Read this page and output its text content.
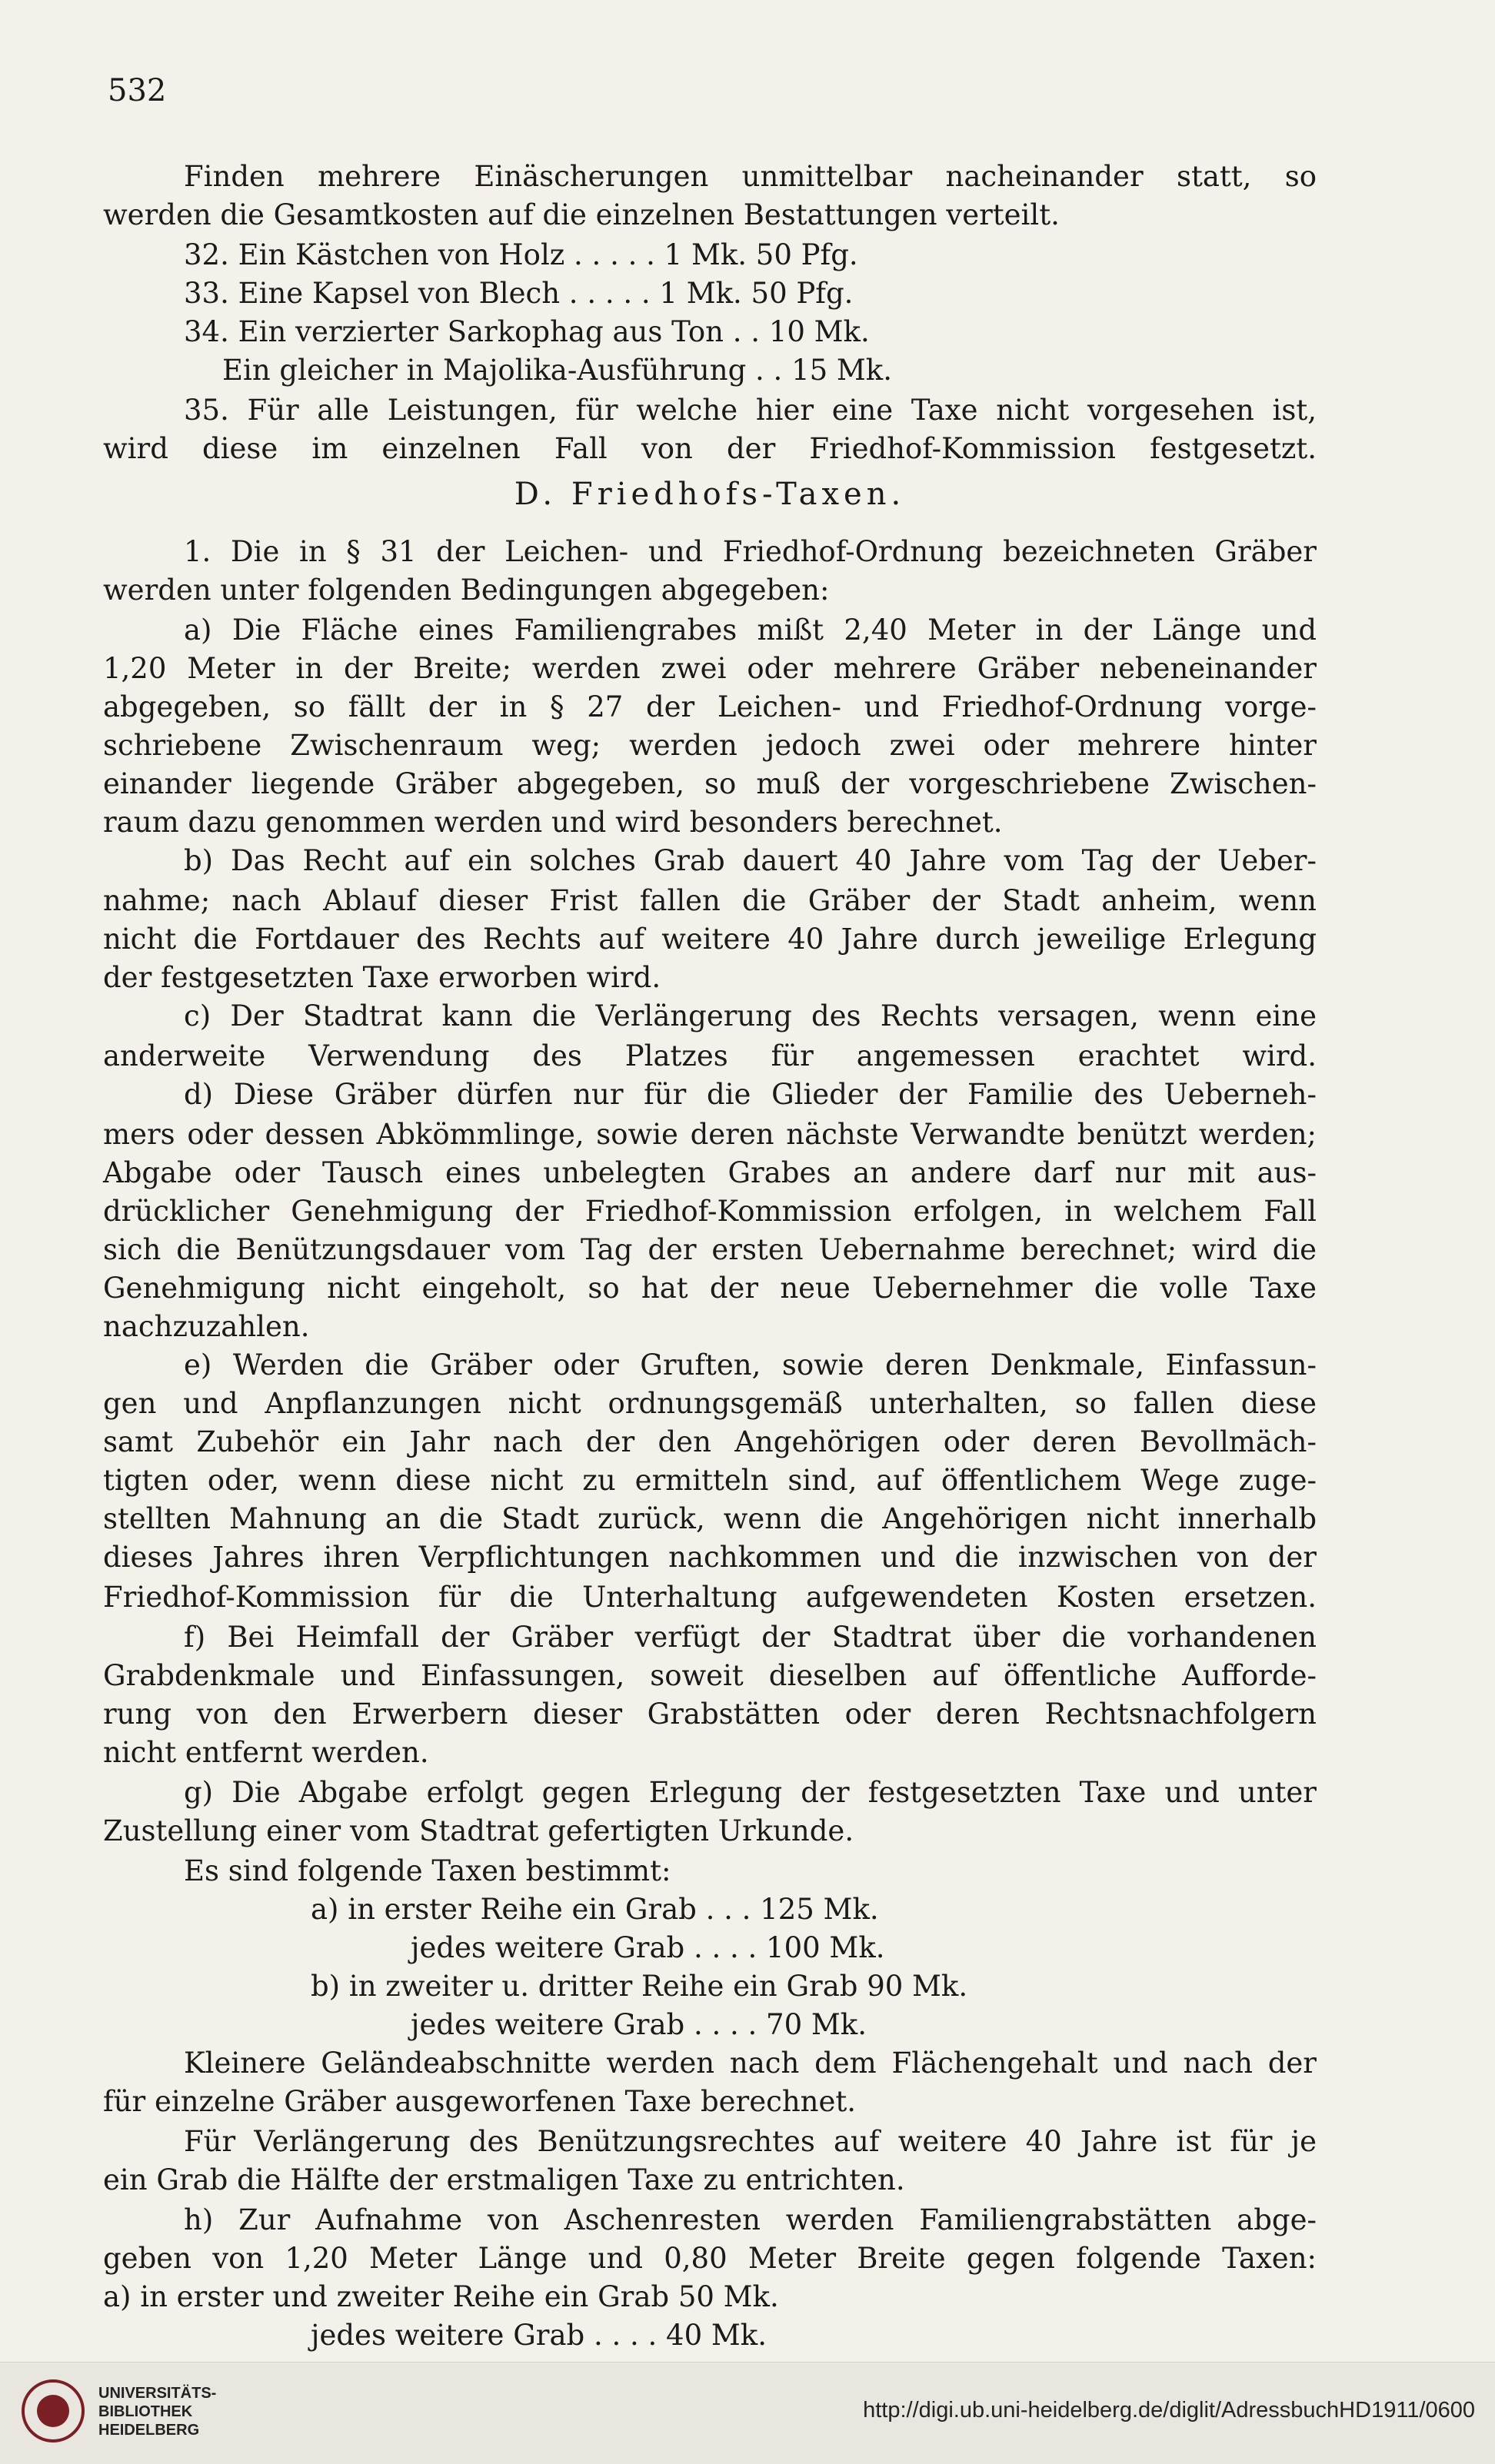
532
Finden mehrere Einäscherungen unmittelbar nacheinander statt, so
werden die Gesamtkosten auf die einzelnen Bestattungen verteilt.
32. Ein Kästchen von Holz . . . . . 1 Mk. 50 Pfg.
33. Eine Kapsel von Blech . . . . . 1 Mk. 50 Pfg.
34. Ein verzierter Sarkophag aus Ton . . 10 Mk.
Ein gleicher in Majolika-Ausführung . . 15 Mk.
35. Für alle Leistungen, für welche hier eine Taxe nicht vorgesehen ist,
wird diese im einzelnen Fall von der Friedhof-Kommission festgesetzt.
D. Friedhofs-Taxen.
1. Die in § 31 der Leichen- und Friedhof-Ordnung bezeichneten Gräber
werden unter folgenden Bedingungen abgegeben:
a) Die Fläche eines Familiengrabes mißt 2,40 Meter in der Länge und
1,20 Meter in der Breite; werden zwei oder mehrere Gräber nebeneinander
abgegeben, so fällt der in § 27 der Leichen- und Friedhof-Ordnung vorge-
schriebene Zwischenraum weg; werden jedoch zwei oder mehrere hinter
einander liegende Gräber abgegeben, so muß der vorgeschriebene Zwischen-
raum dazu genommen werden und wird besonders berechnet.
b) Das Recht auf ein solches Grab dauert 40 Jahre vom Tag der Ueber-
nahme; nach Ablauf dieser Frist fallen die Gräber der Stadt anheim, wenn
nicht die Fortdauer des Rechts auf weitere 40 Jahre durch jeweilige Erlegung
der festgesetzten Taxe erworben wird.
c) Der Stadtrat kann die Verlängerung des Rechts versagen, wenn eine
anderweite Verwendung des Platzes für angemessen erachtet wird.
d) Diese Gräber dürfen nur für die Glieder der Familie des Ueberneh-
mers oder dessen Abkömmlinge, sowie deren nächste Verwandte benützt werden;
Abgabe oder Tausch eines unbelegten Grabes an andere darf nur mit aus-
drücklicher Genehmigung der Friedhof-Kommission erfolgen, in welchem Fall
sich die Benützungsdauer vom Tag der ersten Uebernahme berechnet; wird die
Genehmigung nicht eingeholt, so hat der neue Uebernehmer die volle Taxe
nachzuzahlen.
e) Werden die Gräber oder Gruften, sowie deren Denkmale, Einfassun-
gen und Anpflanzungen nicht ordnungsgemäß unterhalten, so fallen diese
samt Zubehör ein Jahr nach der den Angehörigen oder deren Bevollmäch-
tigten oder, wenn diese nicht zu ermitteln sind, auf öffentlichem Wege zuge-
stellten Mahnung an die Stadt zurück, wenn die Angehörigen nicht innerhalb
dieses Jahres ihren Verpflichtungen nachkommen und die inzwischen von der
Friedhof-Kommission für die Unterhaltung aufgewendeten Kosten ersetzen.
f) Bei Heimfall der Gräber verfügt der Stadtrat über die vorhandenen
Grabdenkmale und Einfassungen, soweit dieselben auf öffentliche Aufforde-
rung von den Erwerbern dieser Grabstätten oder deren Rechtsnachfolgern
nicht entfernt werden.
g) Die Abgabe erfolgt gegen Erlegung der festgesetzten Taxe und unter
Zustellung einer vom Stadtrat gefertigten Urkunde.
Es sind folgende Taxen bestimmt:
a) in erster Reihe ein Grab . . . 125 Mk.
jedes weitere Grab . . . . 100 Mk.
b) in zweiter u. dritter Reihe ein Grab 90 Mk.
jedes weitere Grab . . . . 70 Mk.
Kleinere Geländeabschnitte werden nach dem Flächengehalt und nach der
für einzelne Gräber ausgeworfenen Taxe berechnet.
Für Verlängerung des Benützungsrechtes auf weitere 40 Jahre ist für je
ein Grab die Hälfte der erstmaligen Taxe zu entrichten.
h) Zur Aufnahme von Aschenresten werden Familiengrabstätten abge-
geben von 1,20 Meter Länge und 0,80 Meter Breite gegen folgende Taxen:
a) in erster und zweiter Reihe ein Grab 50 Mk.
jedes weitere Grab . . . . 40 Mk.
UNIVERSITÄTS-
BIBLIOTHEK
HEIDELBERG
http://digi.ub.uni-heidelberg.de/diglit/AdressbuchHD1911/0600
